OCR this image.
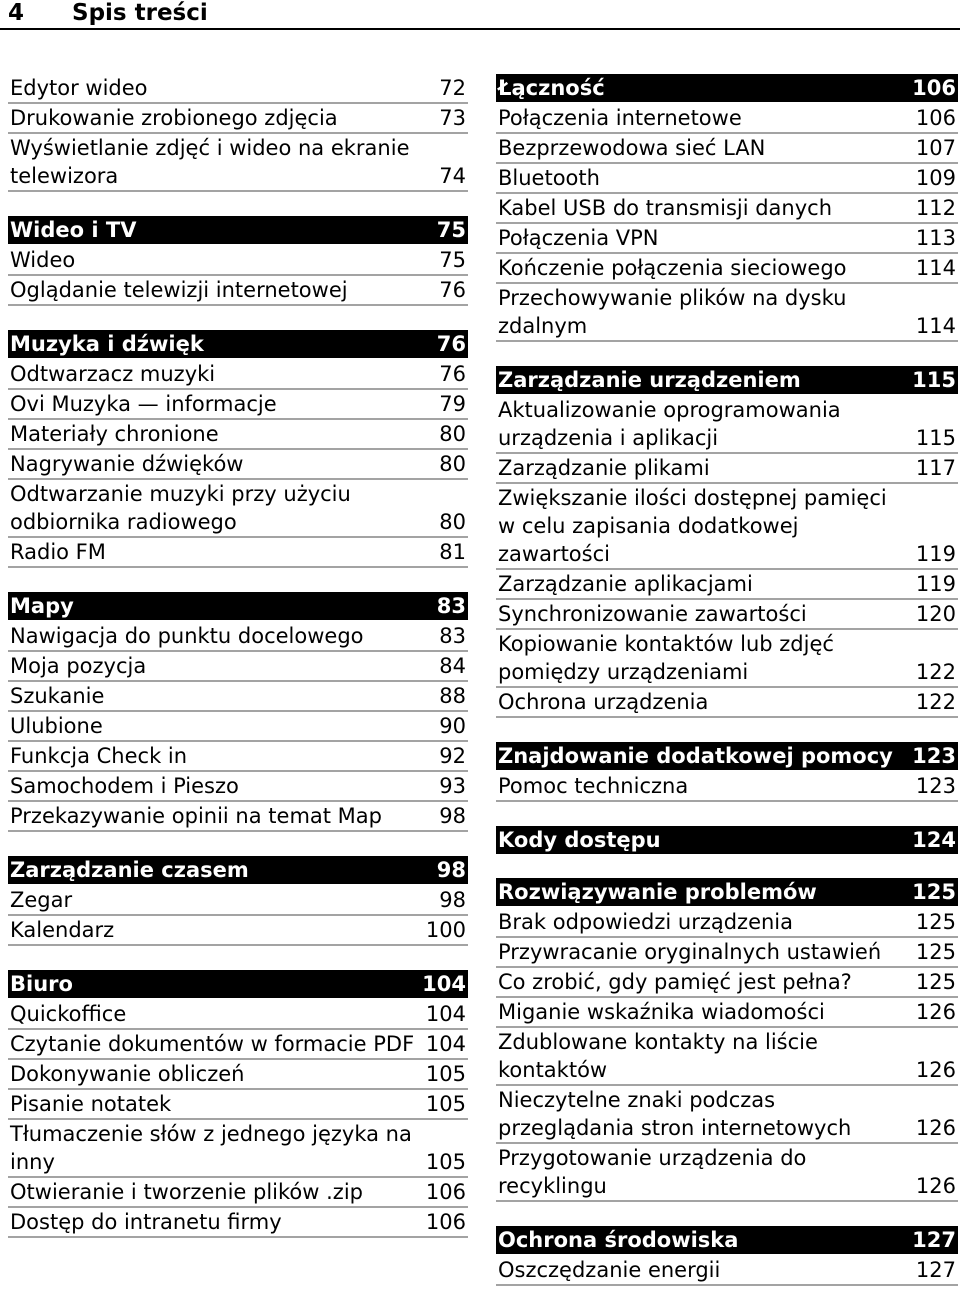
4 Spis treści
Edytor wideo	72
Drukowanie zrobionego zdjęcia	73
Wyświetlanie zdjęć i wideo na ekranie telewizora	74
Wideo i TV	75
Wideo	75
Oglądanie telewizji internetowej	76
Muzyka i dźwięk	76
Odtwarzacz muzyki	76
Ovi Muzyka — informacje	79
Materiały chronione	80
Nagrywanie dźwięków	80
Odtwarzanie muzyki przy użyciu odbiornika radiowego	80
Radio FM	81
Mapy	83
Nawigacja do punktu docelowego	83
Moja pozycja	84
Szukanie	88
Ulubione	90
Funkcja Check in	92
Samochodem i Pieszo	93
Przekazywanie opinii na temat Map	98
Zarządzanie czasem	98
Zegar	98
Kalendarz	100
Biuro	104
Quickoffice	104
Czytanie dokumentów w formacie PDF 104
Dokonywanie obliczeń	105
Pisanie notatek	105
Tłumaczenie słów z jednego języka na inny	105
Otwieranie i tworzenie plików .zip	106
Dostęp do intranetu firmy	106
Łączność	106
Połączenia internetowe	106
Bezprzewodowa sieć LAN	107
Bluetooth	109
Kabel USB do transmisji danych	112
Połączenia VPN	113
Kończenie połączenia sieciowego	114
Przechowywanie plików na dysku zdalnym	114
Zarządzanie urządzeniem	115
Aktualizowanie oprogramowania urządzenia i aplikacji	115
Zarządzanie plikami	117
Zwiększanie ilości dostępnej pamięci w celu zapisania dodatkowej zawartości	119
Zarządzanie aplikacjami	119
Synchronizowanie zawartości	120
Kopiowanie kontaktów lub zdjęć pomiędzy urządzeniami	122
Ochrona urządzenia	122
Znajdowanie dodatkowej pomocy 123
Pomoc techniczna	123
Kody dostępu	124
Rozwiązywanie problemów	125
Brak odpowiedzi urządzenia	125
Przywracanie oryginalnych ustawień	125
Co zrobić, gdy pamięć jest pełna?	125
Miganie wskaźnika wiadomości	126
Zdublowane kontakty na liście kontaktów	126
Nieczytelne znaki podczas przeglądania stron internetowych	126
Przygotowanie urządzenia do recyklingu	126
Ochrona środowiska	127
Oszczędzanie energii	127
